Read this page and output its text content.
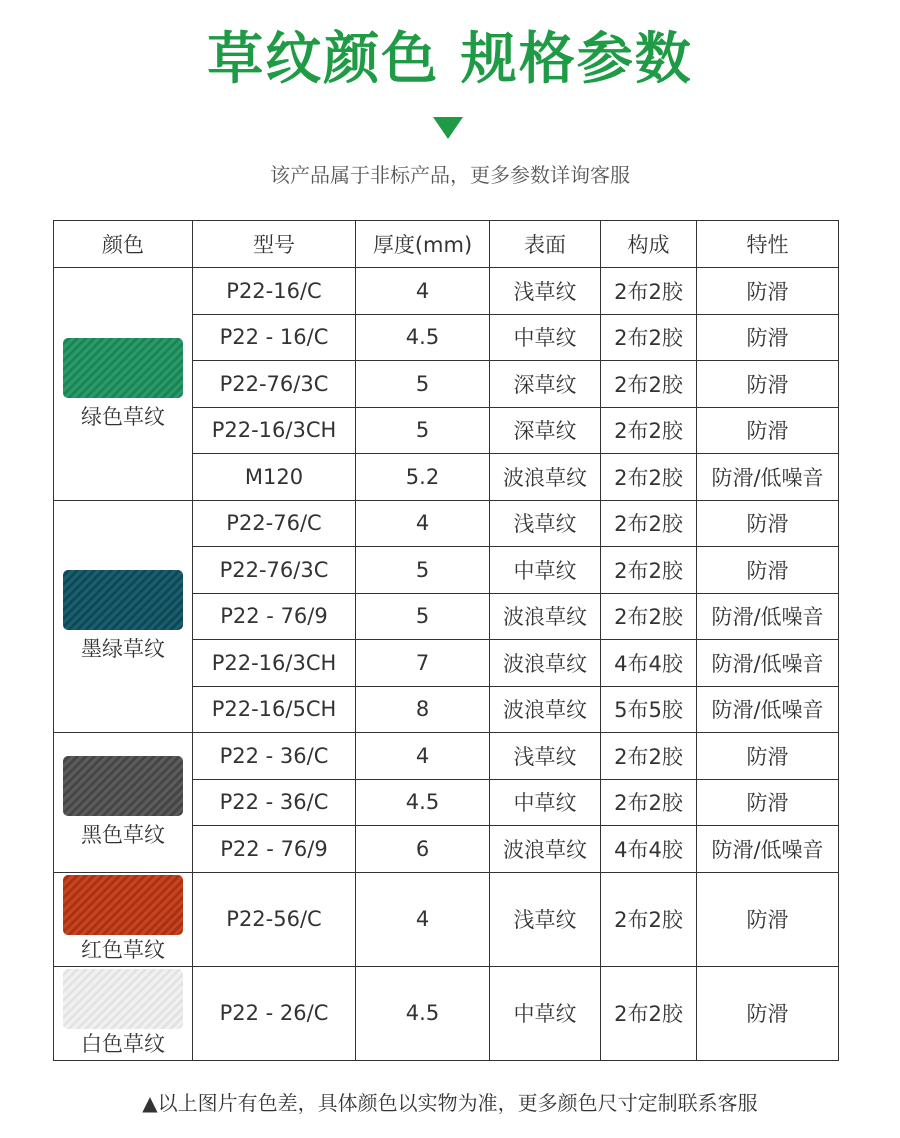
草纹颜色 规格参数
该产品属于非标产品，更多参数详询客服
颜色	型号	厚度(mm)	表面	构成	特性

绿色草纹	P22-16/C	4	浅草纹	2布2胶	防滑
	P22 - 16/C	4.5	中草纹	2布2胶	防滑
	P22-76/3C	5	深草纹	2布2胶	防滑
	P22-16/3CH	5	深草纹	2布2胶	防滑
	M120	5.2	波浪草纹	2布2胶	防滑/低噪音

墨绿草纹	P22-76/C	4	浅草纹	2布2胶	防滑
	P22-76/3C	5	中草纹	2布2胶	防滑
	P22 - 76/9	5	波浪草纹	2布2胶	防滑/低噪音
	P22-16/3CH	7	波浪草纹	4布4胶	防滑/低噪音
	P22-16/5CH	8	波浪草纹	5布5胶	防滑/低噪音

黑色草纹	P22 - 36/C	4	浅草纹	2布2胶	防滑
	P22 - 36/C	4.5	中草纹	2布2胶	防滑
	P22 - 76/9	6	波浪草纹	4布4胶	防滑/低噪音

红色草纹	P22-56/C	4	浅草纹	2布2胶	防滑

白色草纹	P22 - 26/C	4.5	中草纹	2布2胶	防滑
▲以上图片有色差，具体颜色以实物为准，更多颜色尺寸定制联系客服
